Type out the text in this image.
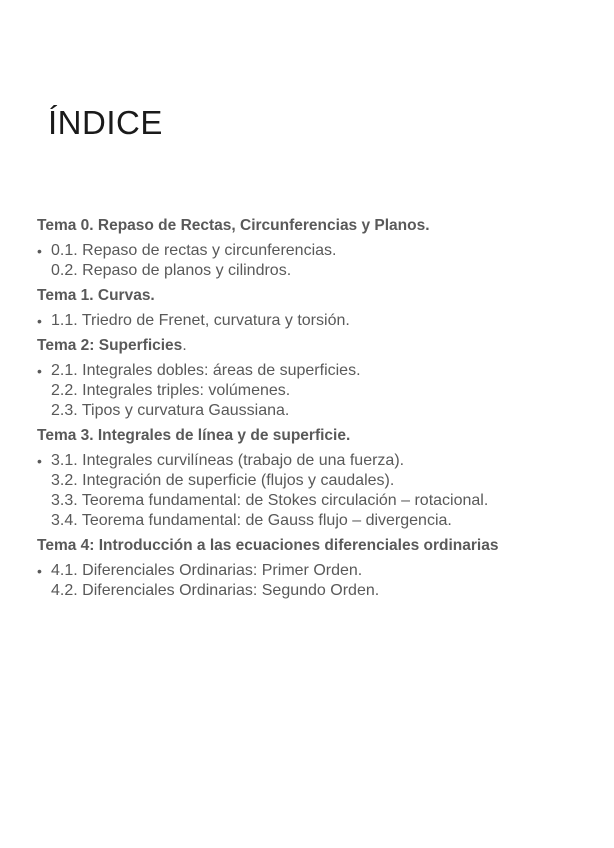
ÍNDICE
Tema 0. Repaso de Rectas, Circunferencias y Planos.
• 0.1. Repaso de rectas y circunferencias.
0.2. Repaso de planos y cilindros.
Tema 1. Curvas.
• 1.1. Triedro de Frenet, curvatura y torsión.
Tema 2: Superficies.
• 2.1. Integrales dobles: áreas de superficies.
2.2. Integrales triples: volúmenes.
2.3. Tipos y curvatura Gaussiana.
Tema 3. Integrales de línea y de superficie.
• 3.1. Integrales curvilíneas (trabajo de una fuerza).
3.2. Integración de superficie (flujos y caudales).
3.3. Teorema fundamental: de Stokes circulación – rotacional.
3.4. Teorema fundamental: de Gauss flujo – divergencia.
Tema 4: Introducción a las ecuaciones diferenciales ordinarias
• 4.1. Diferenciales Ordinarias: Primer Orden.
4.2. Diferenciales Ordinarias: Segundo Orden.
